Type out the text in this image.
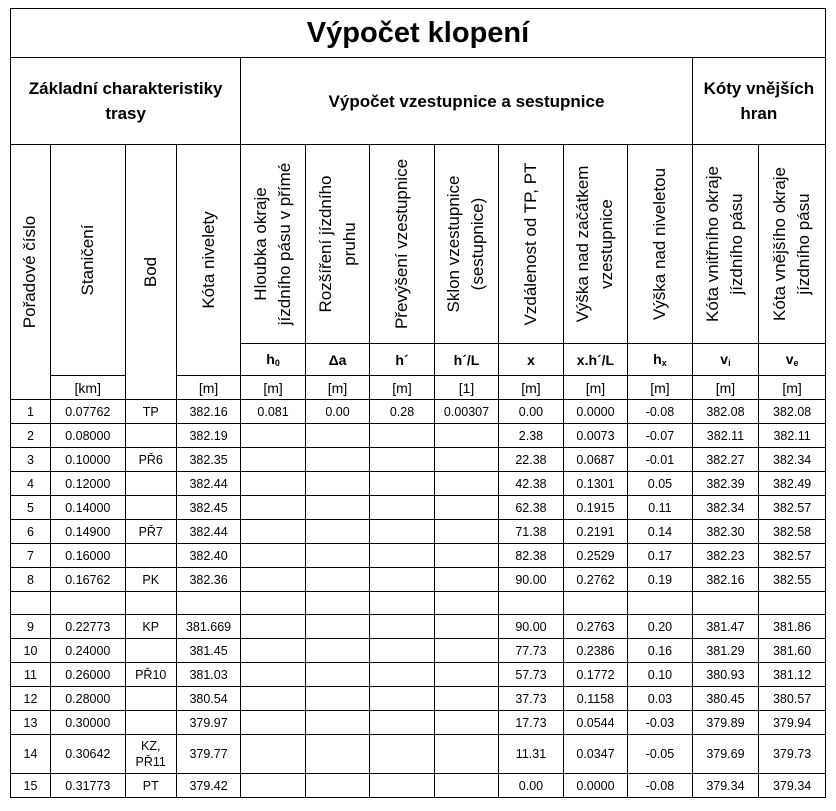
Výpočet klopení												
Základní charakteristiky trasy				Výpočet vzestupnice a sestupnice							Kóty vnějších hran	

Pořadové číslo	Staničení	Bod	Kóta nivelety	Hloubka okraje jízdního pásu v přímé	Rozšíření jízdního pruhu	Převýšení vzestupnice	Sklon vzestupnice (sestupnice)	Vzdálenost od TP, PT	Výška nad začátkem vzestupnice	Výška nad niveletou	Kóta vnitřního okraje jízdního pásu	Kóta vnějšího okraje jízdního pásu

				$h_0$	Δa	h´	h´/L	x	x.h´/L	$h_x$	$v_i$	$v_e$
	[km]		[m]	[m]	[m]	[m]	[1]	[m]	[m]	[m]	[m]	[m]
1	0.07762	TP	382.16	0.081	0.00	0.28	0.00307	0.00	0.0000	-0.08	382.08	382.08
2	0.08000		382.19					2.38	0.0073	-0.07	382.11	382.11
3	0.10000	PŘ6	382.35					22.38	0.0687	-0.01	382.27	382.34
4	0.12000		382.44					42.38	0.1301	0.05	382.39	382.49
5	0.14000		382.45					62.38	0.1915	0.11	382.34	382.57
6	0.14900	PŘ7	382.44					71.38	0.2191	0.14	382.30	382.58
7	0.16000		382.40					82.38	0.2529	0.17	382.23	382.57
8	0.16762	PK	382.36					90.00	0.2762	0.19	382.16	382.55

9	0.22773	KP	381.669					90.00	0.2763	0.20	381.47	381.86
10	0.24000		381.45					77.73	0.2386	0.16	381.29	381.60
11	0.26000	PŘ10	381.03					57.73	0.1772	0.10	380.93	381.12
12	0.28000		380.54					37.73	0.1158	0.03	380.45	380.57
13	0.30000		379.97					17.73	0.0544	-0.03	379.89	379.94
14	0.30642	KZ,
PŘ11	379.77					11.31	0.0347	-0.05	379.69	379.73
15	0.31773	PT	379.42					0.00	0.0000	-0.08	379.34	379.34
